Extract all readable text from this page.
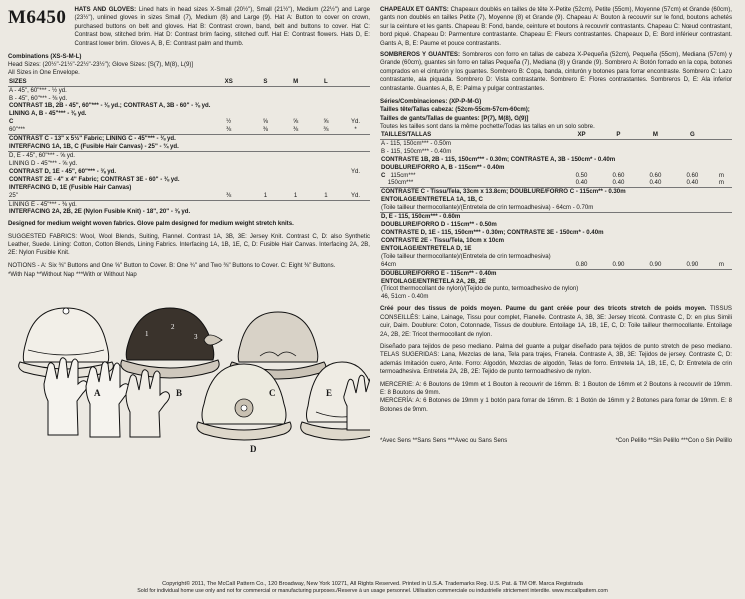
M6450 HATS AND GLOVES: Lined hats in head sizes X-Small (20½"), Small (21½"), Medium (22½") and Large (23½"), unlined gloves in sizes Small (7), Medium (8) and Large (9). Hat A: Button to cover on crown, purchased buttons on belt and gloves. Hat B: Contrast crown, band, belt and buttons to cover. Hat C: Contrast bow, stitched brim. Hat D: Contrast brim facing, stitched cuff. Hat E: Contrast flowers. Hats D, E: Contrast lower brim. Gloves A, B, E: Contrast palm and thumb.
Combinations (XS-S-M-L)
Head Sizes: (20½"-21½"-22½"-23½"); Glove Sizes: [S(7), M(8), L(9)]
All Sizes in One Envelope.
SIZES	XS	S	M	L	
A - 45", 60"*** - ½ yd.					
B - 45", 60"*** - ⅜ yd.					
CONTRAST 1B, 2B - 45", 60"*** - ⅜ yd.; CONTRAST A, 3B - 60" - ⅜ yd.					
LINING A, B - 45"*** - ⅜ yd.					
C	½	⅝	⅝	⅝	Yd.
60"***	⅜	⅜	⅜	⅜	*
CONTRAST C - 13" x 5½" Fabric; LINING C - 45"*** - ⅜ yd.					
INTERFACING 1A, 1B, C (Fusible Hair Canvas) - 25" - ¾ yd.					
D, E - 45", 60"*** - ⅝ yd.					
LINING D - 45"*** - ⅝ yd.					
CONTRAST D, 1E - 45", 60"*** - ⅜ yd.					Yd.
CONTRAST 2E - 4" x 4" Fabric; CONTRAST 3E - 60" - ⅜ yd.					
INTERFACING D, 1E (Fusible Hair Canvas)					
25"	⅜	1	1	1	Yd.
LINING E - 45"*** - ⅜ yd.					
INTERFACING 2A, 2B, 2E (Nylon Fusible Knit) - 18", 20" - ⅜ yd.					
Designed for medium weight woven fabrics. Glove palm designed for medium weight stretch knits.
SUGGESTED FABRICS: Wool, Wool Blends, Suiting, Flannel. Contrast 1A, 3B, 3E: Jersey Knit. Contrast C, D: also Synthetic Leather, Suede. Lining: Cotton, Cotton Blends, Lining Fabrics. Interfacing 1A, 1B, 1E, C, D: Fusible Hair Canvas. Interfacing 2A, 2B, 2E: Nylon Fusible Knit.
NOTIONS - A: Six ⅜" Buttons and One ⅝" Button to Cover. B: One ¾" and Two ⅜" Buttons to Cover. C: Eight ⅜" Buttons.
*With Nap **Without Nap ***With or Without Nap
1
2
3
A	B	C
D
E
CHAPEAUX ET GANTS: Chapeaux doublés en tailles de tête X-Petite (52cm), Petite (55cm), Moyenne (57cm) et Grande (60cm), gants non doublés en tailles Petite (7), Moyenne (8) et Grande (9). Chapeau A: Bouton à recouvrir sur le fond, boutons achetés sur la ceinture et les gants. Chapeau B: Fond, bande, ceinture et boutons à recouvrir contrastants. Chapeau C: Nœud contrastant, bord piqué. Chapeau D: Parmenture contrastante. Chapeau E: Fleurs contrastantes. Chapeaux D, E: Bord inférieur contrastant. Gants A, B, E: Paume et pouce contrastants.
SOMBREROS Y GUANTES: Sombreros con forro en tallas de cabeza X-Pequeña (52cm), Pequeña (55cm), Mediana (57cm) y Grande (60cm), guantes sin forro en tallas Pequeña (7), Mediana (8) y Grande (9). Sombrero A: Botón forrado en la copa, botones comprados en el cinturón y los guantes. Sombrero B: Copa, banda, cinturón y botones para forrar encontraste. Sombrero C: Lazo contrastante, ala piquada. Sombrero D: Vista contrastante. Sombrero E: Flores contrastantes. Sombreros D, E: Ala inferior contrastante. Guantes A, B, E: Palma y pulgar contrastantes.
Séries/Combinaciones: (XP-P-M-G)
Tailles tête/Tallas cabeza: (52cm-55cm-57cm-60cm);
Tailles de gants/Tallas de guantes: [P(7), M(8), G(9)]
Toutes les tailles sont dans la même pochette/Todas las tallas en un solo sobre.
TAILLES/TALLAS	XP	P	M	G	
A - 115, 150cm*** - 0.50m					
B - 115, 150cm*** - 0.40m					
CONTRASTE 1B, 2B - 115, 150cm*** - 0.30m; CONTRASTE A, 3B - 150cm* - 0.40m					
DOUBLURE/FORRO A, B - 115cm** - 0.40m					
C 115cm***	0.50	0.60	0.60	0.60	m
150cm***	0.40	0.40	0.40	0.40	m
CONTRASTE C - Tissu/Tela, 33cm x 13.8cm; DOUBLURE/FORRO C - 115cm** - 0.30m					
ENTOILAGE/ENTRETELA 1A, 1B, C					
(Toile tailleur thermocollante)/(Entretela de crin termoadhesiva) - 64cm - 0.70m					
D, E - 115, 150cm*** - 0.60m					
DOUBLURE/FORRO D - 115cm** - 0.50m					
CONTRASTE D, 1E - 115, 150cm*** - 0.30m; CONTRASTE 3E - 150cm* - 0.40m					
CONTRASTE 2E - Tissu/Tela, 10cm x 10cm					
ENTOILAGE/ENTRETELA D, 1E					
(Toile tailleur thermocollante)/(Entretela de crin termoadhesiva)					
64cm	0.80	0.90	0.90	0.90	m
DOUBLURE/FORRO E - 115cm** - 0.40m					
ENTOILAGE/ENTRETELA 2A, 2B, 2E					
(Tricot thermocollant de nylon)/(Tejido de punto, termoadhesivo de nylon)					
46, 51cm - 0.40m					
Créé pour des tissus de poids moyen. Paume du gant créée pour des tricots stretch de poids moyen. TISSUS CONSEILLÉS: Laine, Lainage, Tissu pour complet, Flanelle. Contraste A, 3B, 3E: Jersey tricoté. Contraste C, D: en plus Simili cuir, Daim. Doublure: Coton, Cotonnade, Tissus de doublure. Entoilage 1A, 1B, 1E, C, D: Toile tailleur thermocollante. Entoilage 2A, 2B, 2E: Tricot thermocollant de nylon.
Diseñado para tejidos de peso mediano. Palma del guante a pulgar diseñado para tejidos de punto stretch de peso mediano. TELAS SUGERIDAS: Lana, Mezclas de lana, Tela para trajes, Franela. Contraste A, 3B, 3E: Tejidos de jersey. Contraste C, D: además Imitación cuero, Ante. Forro: Algodón, Mezclas de algodón, Telas de forro. Entretela 1A, 1B, 1E, C, D: Entretela de crin termoadhesiva. Entretela 2A, 2B, 2E: Tejido de punto termoadhesivo de nylon.
MERCERIE: A: 6 Boutons de 19mm et 1 Bouton à recouvrir de 16mm. B: 1 Bouton de 16mm et 2 Boutons à recouvrir de 19mm. E: 8 Boutons de 9mm.
MERCERÍA: A: 6 Botones de 19mm y 1 botón para forrar de 16mm. B: 1 Botón de 16mm y 2 Botones para forrar de 19mm. E: 8 Botones de 9mm.
*Avec Sens **Sans Sens ***Avec ou Sans Sens	*Con Pelillo **Sin Pelillo ***Con o Sin Pelillo
Copyright© 2011, The McCall Pattern Co., 120 Broadway, New York 10271, All Rights Reserved. Printed in U.S.A. Trademarks Reg. U.S. Pat. & TM Off. Marca Registrada
Sold for individual home use only and not for commercial or manufacturing purposes./Reserve à un usage personnel. Utilisation commerciale ou industrielle strictement interdite. www.mccallpattern.com
